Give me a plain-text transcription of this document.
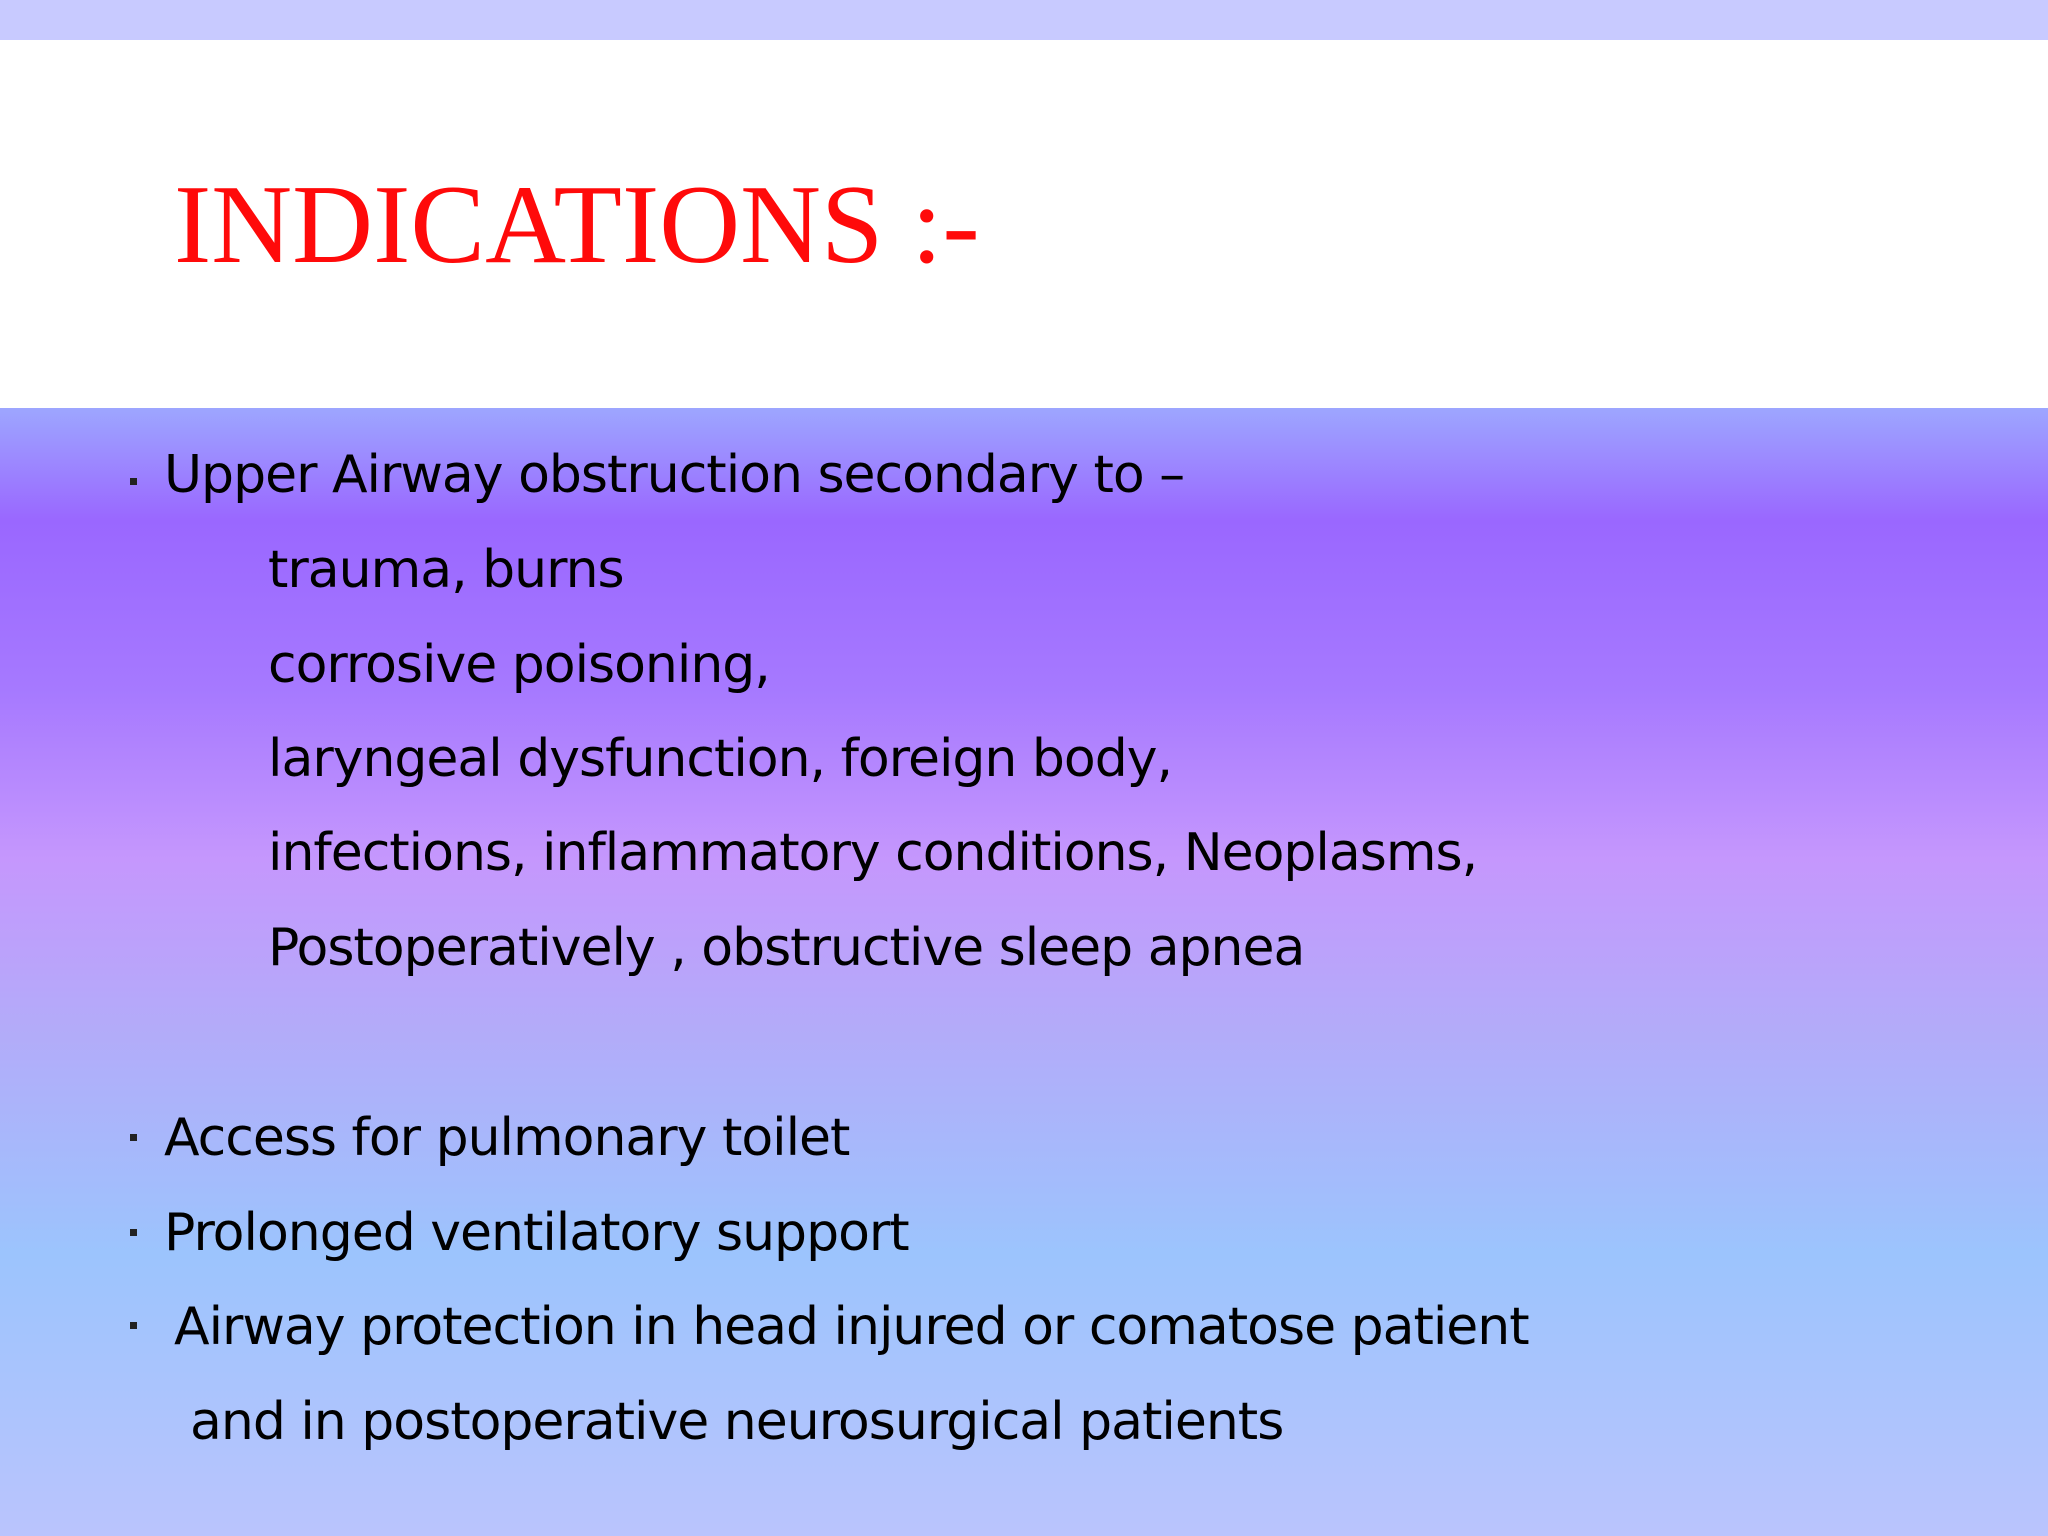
INDICATIONS :-

Upper Airway obstruction secondary to –

trauma, burns

corrosive poisoning,

laryngeal dysfunction, foreign body,

infections, inflammatory conditions, Neoplasms,

Postoperatively , obstructive sleep apnea

Access for pulmonary toilet

Prolonged ventilatory support

Airway protection in head injured or comatose patient

and in postoperative neurosurgical patients
